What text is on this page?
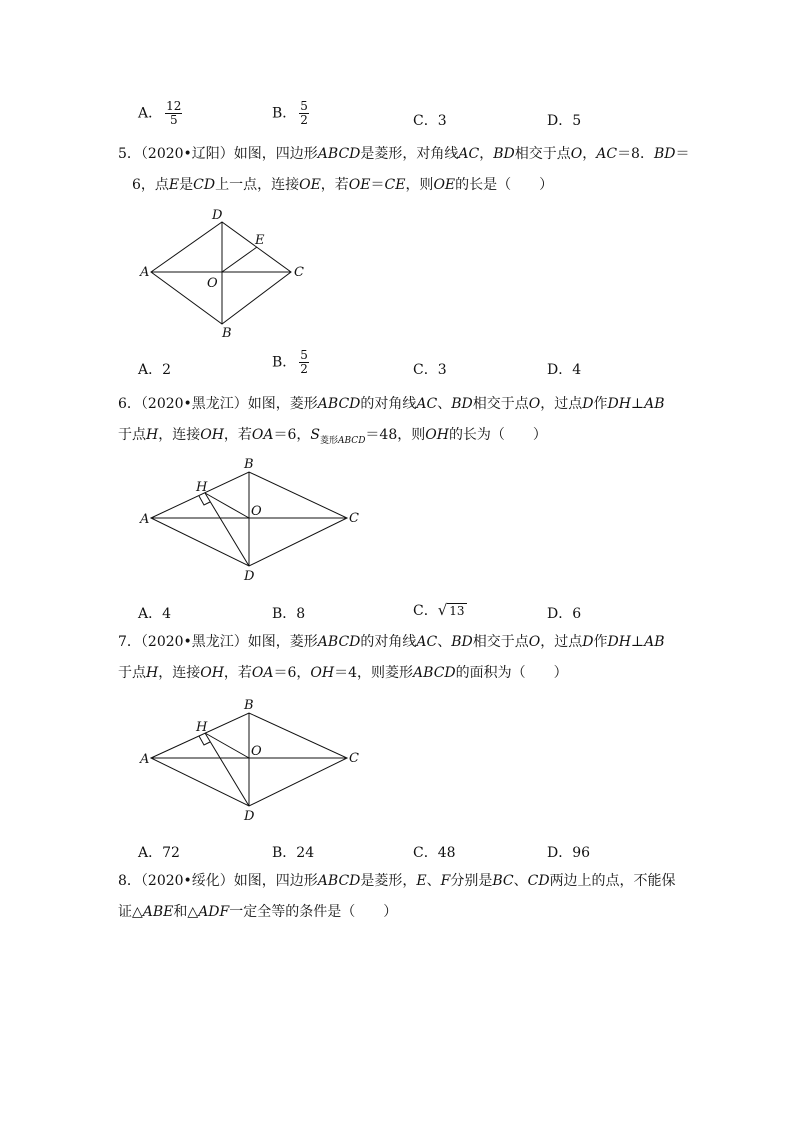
A． $\frac{12}{5}$	B． $\frac{5}{2}$	C．3	D．5

5．（2020•辽阳）如图，四边形ABCD是菱形，对角线AC，BD相交于点O，AC＝8．BD＝

6，点E是CD上一点，连接OE，若OE＝CE，则OE的长是（　　）

A
D
E
C
O
B
A．2	B． $\frac{5}{2}$	C．3	D．4

6．（2020•黑龙江）如图，菱形ABCD的对角线AC、BD相交于点O，过点D作DH⊥AB

于点H，连接OH，若OA＝6，$S_{菱形ABCD}=48$，则OH的长为（　　）

A
B
H
O	C
D
A．4	B．8	C．√ 13	D．6

7．（2020•黑龙江）如图，菱形ABCD的对角线AC、BD相交于点O，过点D作DH⊥AB

于点H，连接OH，若OA＝6，OH＝4，则菱形ABCD的面积为（　　）

A
B
H
O	C
D
A．72	B．24	C．48	D．96

8．（2020•绥化）如图，四边形ABCD是菱形，E、F分别是BC、CD两边上的点，不能保

证△ABE和△ADF一定全等的条件是（　　）
